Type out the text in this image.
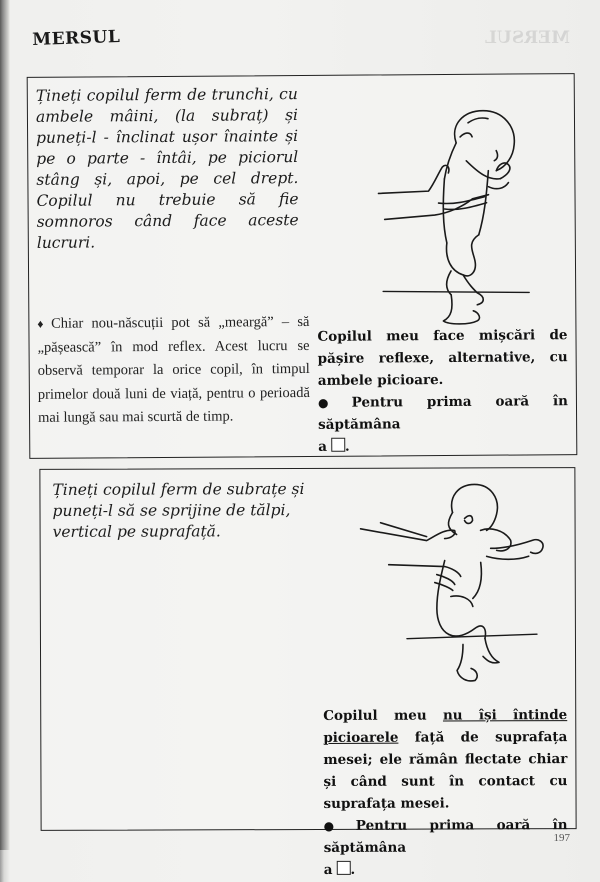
MERSUL
MERSUL
Țineți copilul ferm de trunchi, cu ambele mâini, (la subraț) și puneți-l - înclinat ușor înainte și pe o parte - întâi, pe piciorul stâng și, apoi, pe cel drept. Copilul nu trebuie să fie somnoros când face aceste lucruri.
♦ Chiar nou-născuții pot să „meargă” – să „pășească” în mod reflex. Acest lucru se observă temporar la orice copil, în timpul primelor două luni de viață, pentru o perioadă mai lungă sau mai scurtă de timp.
Copilul meu face mișcări de pășire reflexe, alternative, cu ambele picioare.
● Pentru prima oară în săptămâna
a .
Țineți copilul ferm de subrațe și puneți-l să se sprijine de tălpi, vertical pe suprafață.
Copilul meu nu își întinde picioarele față de suprafața mesei; ele rămân flectate chiar și când sunt în contact cu suprafața mesei.
● Pentru prima oară în săptămâna
a .
197
